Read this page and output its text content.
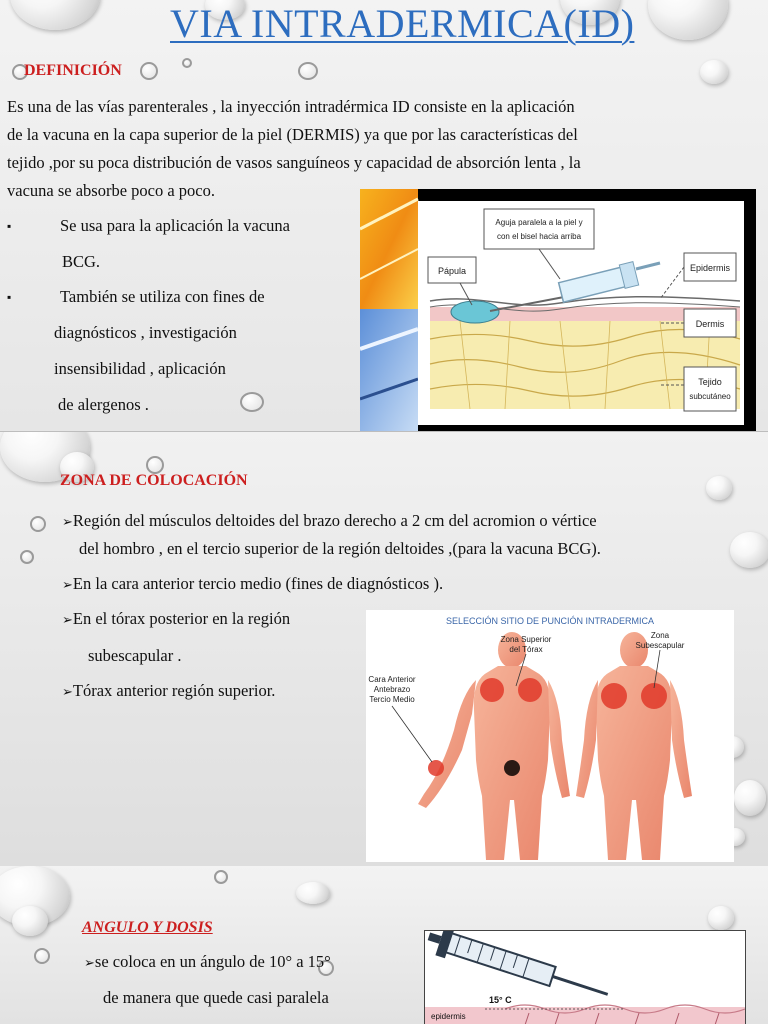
VIA INTRADERMICA(ID)
DEFINICIÓN
Es una de las vías parenterales , la inyección intradérmica ID consiste en la aplicación
de la vacuna en la capa superior de la piel (DERMIS) ya que por las características del
tejido ,por su poca distribución de vasos sanguíneos y capacidad de absorción lenta , la
vacuna se absorbe poco a poco.
▪	Se usa para la aplicación la vacuna
BCG.
▪	También se utiliza con fines de
diagnósticos , investigación
insensibilidad , aplicación
de alergenos .
Aguja paralela a la piel y
con el bisel hacia arriba
Pápula	Epidermis
Dermis
Tejido
subcutáneo
ZONA DE COLOCACIÓN
➢Región del músculos deltoides del brazo derecho a 2 cm del acromion o vértice
del hombro , en el tercio superior de la región deltoides ,(para la vacuna BCG).
➢En la cara anterior tercio medio (fines de diagnósticos ).
➢En el tórax posterior en la región
subescapular .
➢Tórax anterior región superior.
SELECCIÓN SITIO DE PUNCIÓN INTRADERMICA
Zona Superior
del Tórax
Zona
Subescapular
Cara Anterior
Antebrazo
Tercio Medio
ANGULO Y DOSIS
➢se coloca en un ángulo de 10° a 15°
de manera que quede casi paralela	15° C
epidermis
